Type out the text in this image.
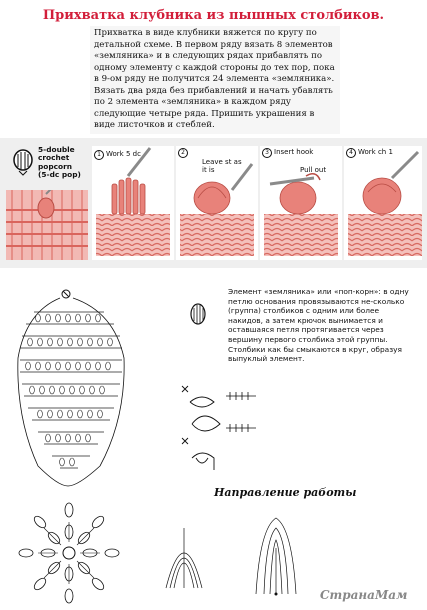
Прихватка клубника из пышных столбиков.
Прихватка в виде клубники вяжется по кругу по детальной схеме. В первом ряду вязать 8 элементов «земляника» и в следующих рядах прибавлять по одному элементу с каждой стороны до тех пор, пока в 9-ом ряду не получится 24 элемента «земляника». Вязать два ряда без прибавлений и начать убавлять по 2 элемента «земляника» в каждом ряду следующие четыре ряда. Пришить украшения в виде листочков и стеблей.
5-double
crochet
popcorn
(5-dc pop)
1 Work 5 dc	2
Leave st as it is
3 Insert hook
Pull out
4 Work ch 1
Элемент «земляника» или «поп-корн»: в одну петлю основания провязываются не-сколько (группа) столбиков с одним или более накидов, а затем крючок вынимается и оставшаяся петля протягивается через вершину первого столбика этой группы. Столбики как бы смыкаются в круг, образуя выпуклый элемент.
Направление работы
СтранаМам
